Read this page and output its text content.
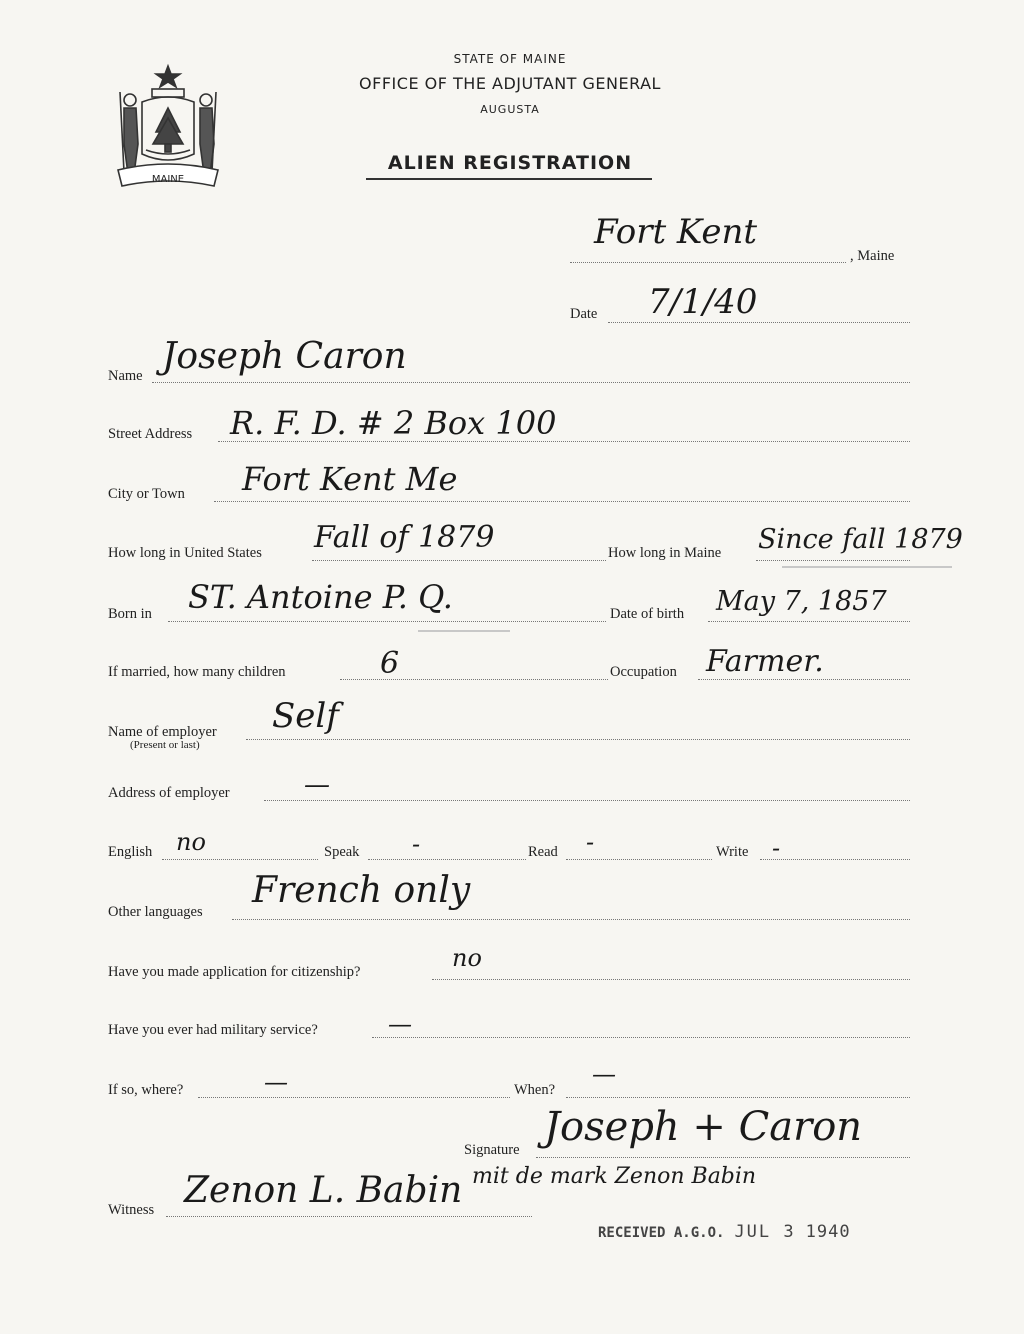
MAINE
STATE OF MAINE
OFFICE OF THE ADJUTANT GENERAL
AUGUSTA
ALIEN REGISTRATION
Fort Kent
, Maine
Date 7/1/40
Name Joseph Caron
Street Address R. F. D. # 2 Box 100
City or Town Fort Kent Me
How long in United States Fall of 1879	How long in Maine Since fall 1879
Born in ST. Antoine P. Q.	Date of birth May 7, 1857
If married, how many children	6	Occupation Farmer.
Name of employer
(Present or last)
Self
Address of employer	—
English no	Speak -	Read -	Write -
Other languages
French only
Have you made application for citizenship?	no
Have you ever had military service?	—
If so, where?	—	When?
—
Signature Joseph + Caron
mit de mark Zenon Babin
Witness Zenon L. Babin
RECEIVED A.G.O. JUL 3 1940
